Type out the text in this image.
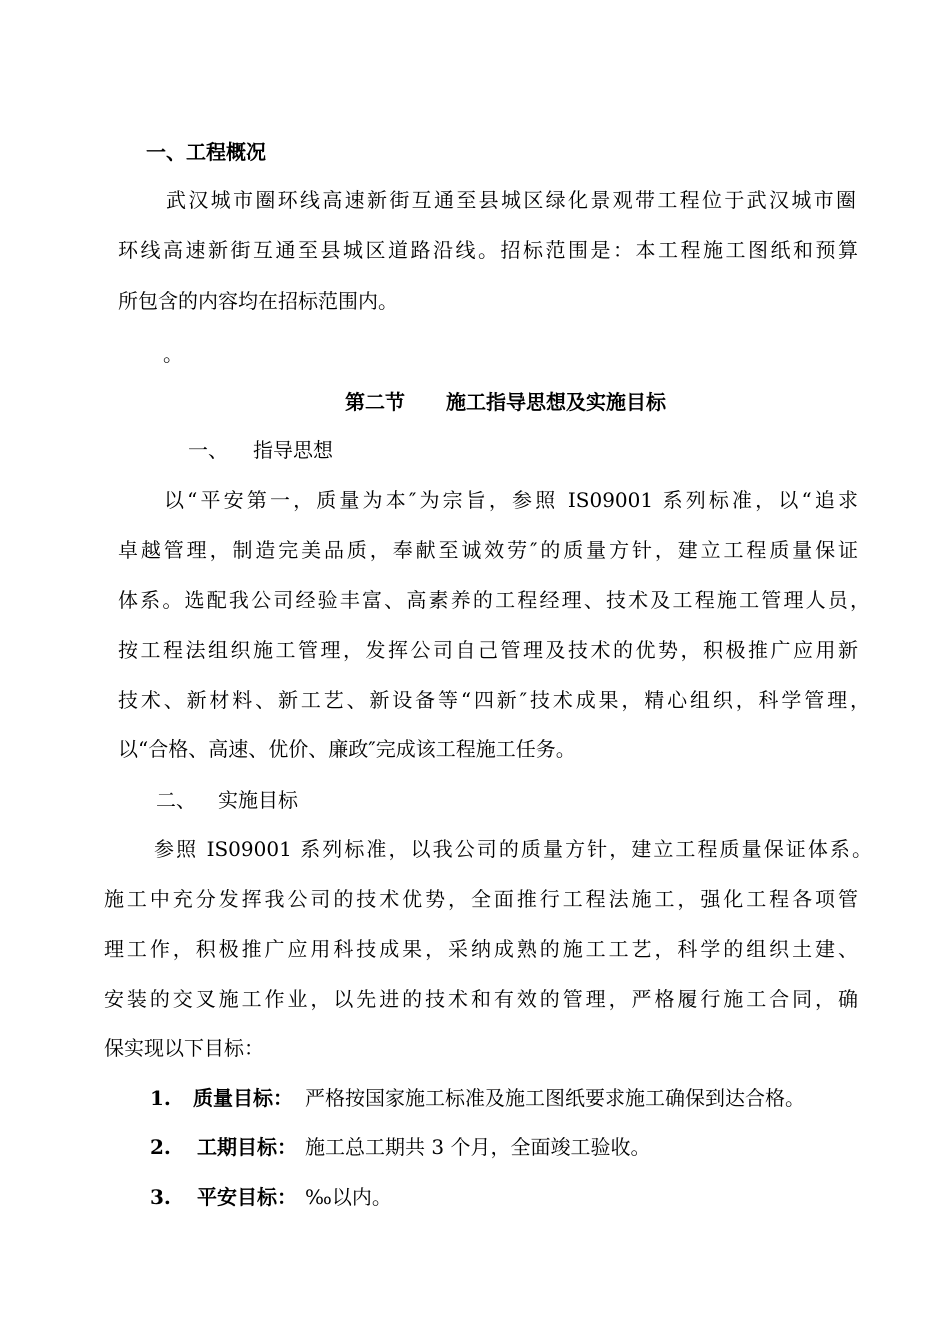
一、工程概况
武汉城市圈环线高速新街互通至县城区绿化景观带工程位于武汉城市圈
环线高速新街互通至县城区道路沿线。招标范围是：本工程施工图纸和预算
所包含的内容均在招标范围内。
。
第二节 施工指导思想及实施目标
一、 指导思想
以“平安第一，质量为本″为宗旨，参照 IS09001 系列标准，以“追求
卓越管理，制造完美品质，奉献至诚效劳″的质量方针，建立工程质量保证
体系。选配我公司经验丰富、高素养的工程经理、技术及工程施工管理人员，
按工程法组织施工管理，发挥公司自己管理及技术的优势，积极推广应用新
技术、新材料、新工艺、新设备等“四新″技术成果，精心组织，科学管理，
以“合格、高速、优价、廉政″完成该工程施工任务。
二、 实施目标
参照 IS09001 系列标准，以我公司的质量方针，建立工程质量保证体系。
施工中充分发挥我公司的技术优势，全面推行工程法施工，强化工程各项管
理工作，积极推广应用科技成果，采纳成熟的施工工艺，科学的组织土建、
安装的交叉施工作业，以先进的技术和有效的管理，严格履行施工合同，确
保实现以下目标：
1. 质量目标： 严格按国家施工标准及施工图纸要求施工确保到达合格。
2. 工期目标： 施工总工期共 3 个月，全面竣工验收。
3. 平安目标： ‰以内。
